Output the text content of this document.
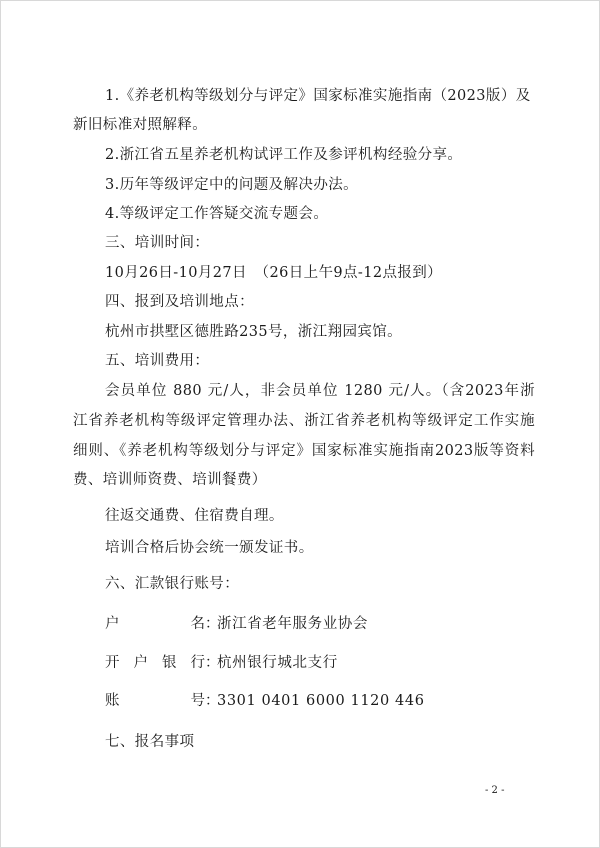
1.《养老机构等级划分与评定》国家标准实施指南（2023版）及
新旧标准对照解释。
2.浙江省五星养老机构试评工作及参评机构经验分享。
3.历年等级评定中的问题及解决办法。
4.等级评定工作答疑交流专题会。
三、培训时间：
10月26日-10月27日　（26日上午9点-12点报到）
四、报到及培训地点：
杭州市拱墅区德胜路235号，浙江翔园宾馆。
五、培训费用：
会员单位 880 元/人，非会员单位 1280 元/人。（含2023年浙
江省养老机构等级评定管理办法、浙江省养老机构等级评定工作实施
细则、《养老机构等级划分与评定》国家标准实施指南2023版等资料
费、培训师资费、培训餐费）
往返交通费、住宿费自理。
培训合格后协会统一颁发证书。
六、汇款银行账号：
户名：浙江省老年服务业协会
开户银行：杭州银行城北支行
账号：3301 0401 6000 1120 446
七、报名事项
- 2 -
